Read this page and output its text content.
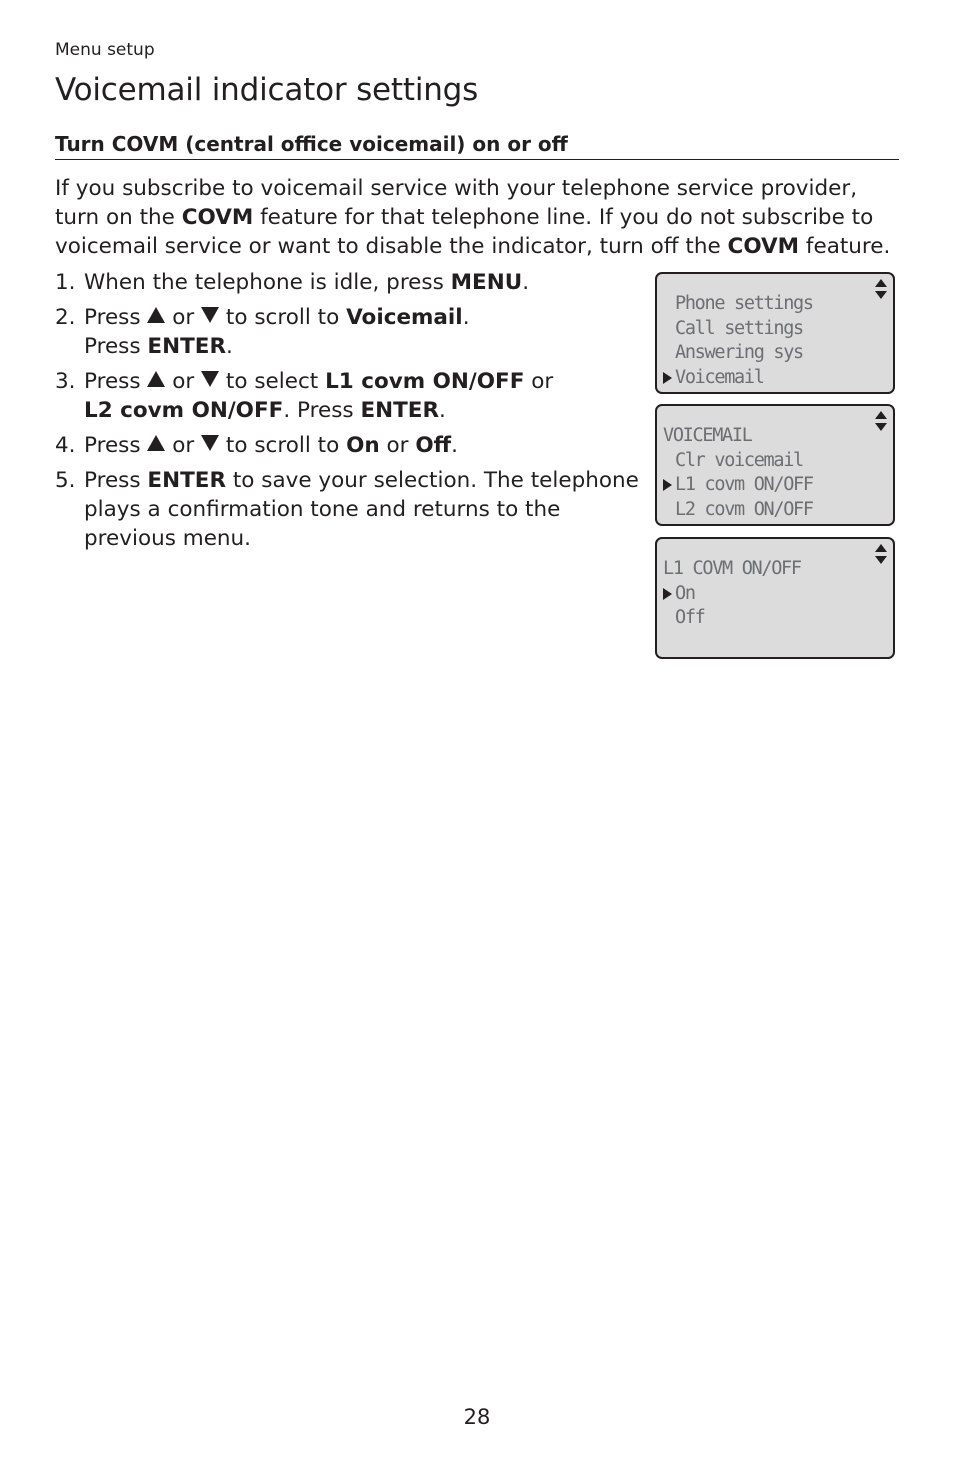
Menu setup
Voicemail indicator settings
Turn COVM (central office voicemail) on or off

If you subscribe to voicemail service with your telephone service provider, turn on the COVM feature for that telephone line. If you do not subscribe to voicemail service or want to disable the indicator, turn off the COVM feature.

1. When the telephone is idle, press MENU.
2. Press  or  to scroll to Voicemail.
Press ENTER.
3. Press  or  to select L1 covm ON/OFF or
L2 covm ON/OFF. Press ENTER.
4. Press  or  to scroll to On or Off.
5. Press ENTER to save your selection. The telephone plays a confirmation tone and returns to the previous menu.
Phone settings
Call settings
Answering sys
Voicemail
VOICEMAIL
Clr voicemail
L1 covm ON/OFF
L2 covm ON/OFF
L1 COVM ON/OFF
On
Off
28
